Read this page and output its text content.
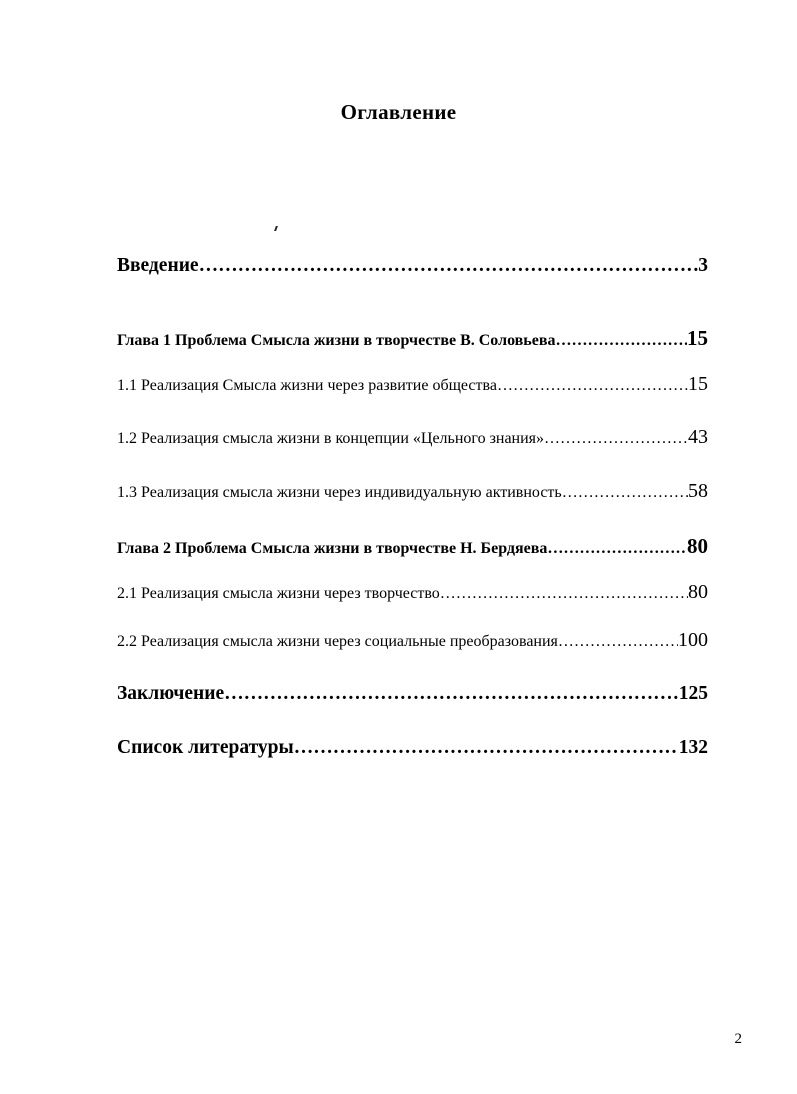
Оглавление
Введение ……………………………………………………………………………………………………………………………………………………………………………………………………………………………………	3
Глава 1 Проблема Смысла жизни в творчестве В. Соловьева ……………………………………………………………………………………………………………………………………………………………………………………………………………………………………	15
1.1 Реализация Смысла жизни через развитие общества ……………………………………………………………………………………………………………………………………………………………………………………………………………………………………	15
1.2 Реализация смысла жизни в концепции «Цельного знания» ……………………………………………………………………………………………………………………………………………………………………………………………………………………………………	43
1.3 Реализация смысла жизни через индивидуальную активность ……………………………………………………………………………………………………………………………………………………………………………………………………………………………………	58
Глава 2 Проблема Смысла жизни в творчестве Н. Бердяева ……………………………………………………………………………………………………………………………………………………………………………………………………………………………………	80
2.1 Реализация смысла жизни через творчество ……………………………………………………………………………………………………………………………………………………………………………………………………………………………………	80
2.2 Реализация смысла жизни через социальные преобразования ……………………………………………………………………………………………………………………………………………………………………………………………………………………………………	100
Заключение ……………………………………………………………………………………………………………………………………………………………………………………………………………………………………	125
Список литературы ……………………………………………………………………………………………………………………………………………………………………………………………………………………………………	132
2
